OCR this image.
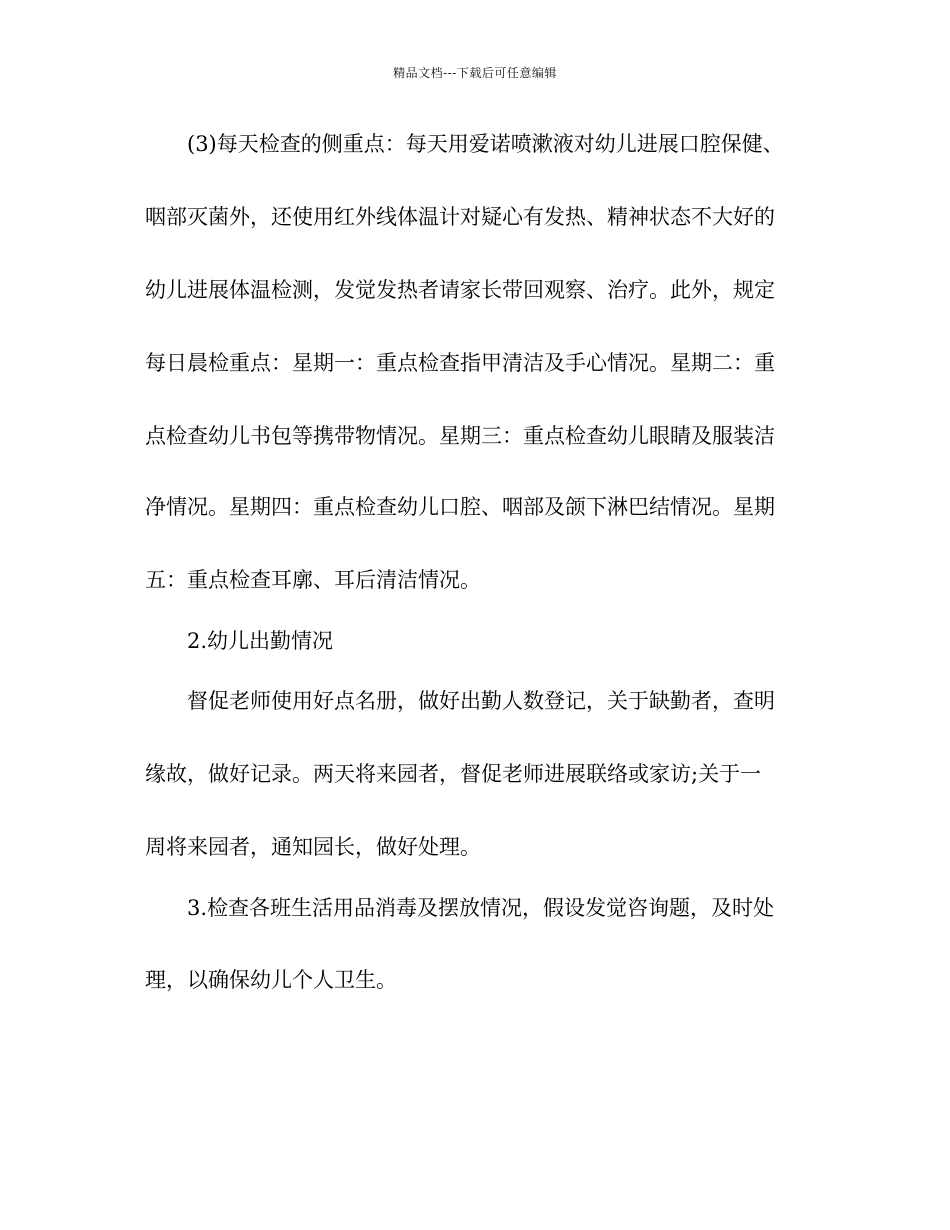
精品文档---下载后可任意编辑
(3)每天检查的侧重点：每天用爱诺喷漱液对幼儿进展口腔保健、
咽部灭菌外，还使用红外线体温计对疑心有发热、精神状态不大好的
幼儿进展体温检测，发觉发热者请家长带回观察、治疗。此外，规定
每日晨检重点：星期一：重点检查指甲清洁及手心情况。星期二：重
点检查幼儿书包等携带物情况。星期三：重点检查幼儿眼睛及服装洁
净情况。星期四：重点检查幼儿口腔、咽部及颌下淋巴结情况。星期
五：重点检查耳廓、耳后清洁情况。
2.幼儿出勤情况
督促老师使用好点名册，做好出勤人数登记，关于缺勤者，查明
缘故，做好记录。两天将来园者，督促老师进展联络或家访;关于一
周将来园者，通知园长，做好处理。
3.检查各班生活用品消毒及摆放情况，假设发觉咨询题，及时处
理，以确保幼儿个人卫生。
